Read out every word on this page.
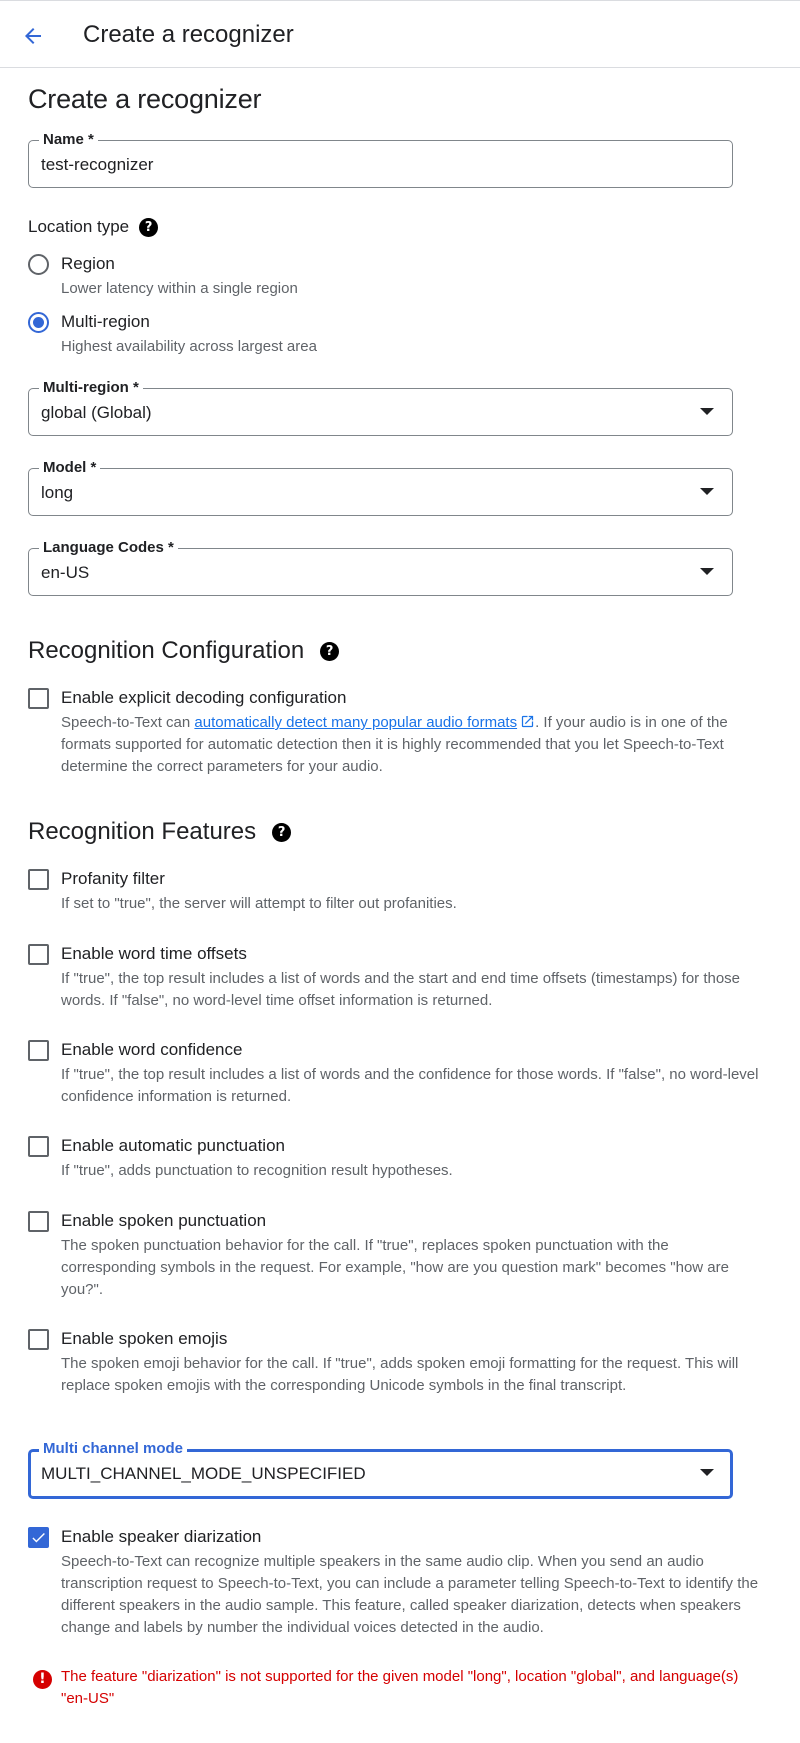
Create a recognizer
Create a recognizer
Name *
test-recognizer
Location type ?
Region
Lower latency within a single region
Multi-region
Highest availability across largest area
Multi-region *
global (Global)
Model *
long
Language Codes *
en-US
Recognition Configuration ?
Enable explicit decoding configuration
Speech-to-Text can automatically detect many popular audio formats . If your audio is in one of the formats supported for automatic detection then it is highly recommended that you let Speech-to-Text determine the correct parameters for your audio.
Recognition Features ?
Profanity filter
If set to "true", the server will attempt to filter out profanities.
Enable word time offsets
If "true", the top result includes a list of words and the start and end time offsets (timestamps) for those words. If "false", no word-level time offset information is returned.
Enable word confidence
If "true", the top result includes a list of words and the confidence for those words. If "false", no word-level confidence information is returned.
Enable automatic punctuation
If "true", adds punctuation to recognition result hypotheses.
Enable spoken punctuation
The spoken punctuation behavior for the call. If "true", replaces spoken punctuation with the corresponding symbols in the request. For example, "how are you question mark" becomes "how are you?".
Enable spoken emojis
The spoken emoji behavior for the call. If "true", adds spoken emoji formatting for the request. This will replace spoken emojis with the corresponding Unicode symbols in the final transcript.
Multi channel mode
MULTI_CHANNEL_MODE_UNSPECIFIED
Enable speaker diarization
Speech-to-Text can recognize multiple speakers in the same audio clip. When you send an audio transcription request to Speech-to-Text, you can include a parameter telling Speech-to-Text to identify the different speakers in the audio sample. This feature, called speaker diarization, detects when speakers change and labels by number the individual voices detected in the audio.
!	The feature "diarization" is not supported for the given model "long", location "global", and language(s) "en-US"
